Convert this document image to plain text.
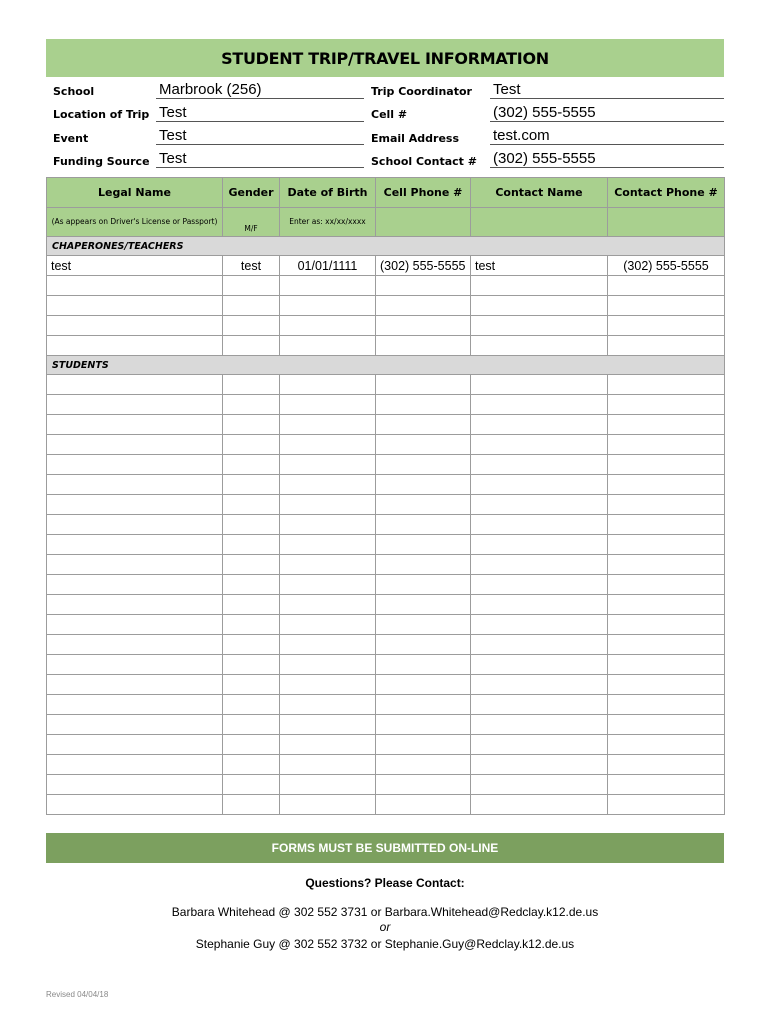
STUDENT TRIP/TRAVEL INFORMATION
School	Marbrook (256)
Location of Trip Test
Event	Test
Funding Source Test
Trip Coordinator Test
Cell #	(302) 555-5555
Email Address test.com
School Contact # (302) 555-5555
Legal Name	Gender	Date of Birth	Cell Phone #	Contact Name	Contact Phone #
(As appears on Driver's License or Passport)	M/F	Enter as: xx/xx/xxxx			
CHAPERONES/TEACHERS					
test	test	01/01/1111	(302) 555-5555	test	(302) 555-5555

STUDENTS					

FORMS MUST BE SUBMITTED ON-LINE
Questions? Please Contact:
Barbara Whitehead @ 302 552 3731 or Barbara.Whitehead@Redclay.k12.de.us
or
Stephanie Guy @ 302 552 3732 or Stephanie.Guy@Redclay.k12.de.us
Revised 04/04/18
